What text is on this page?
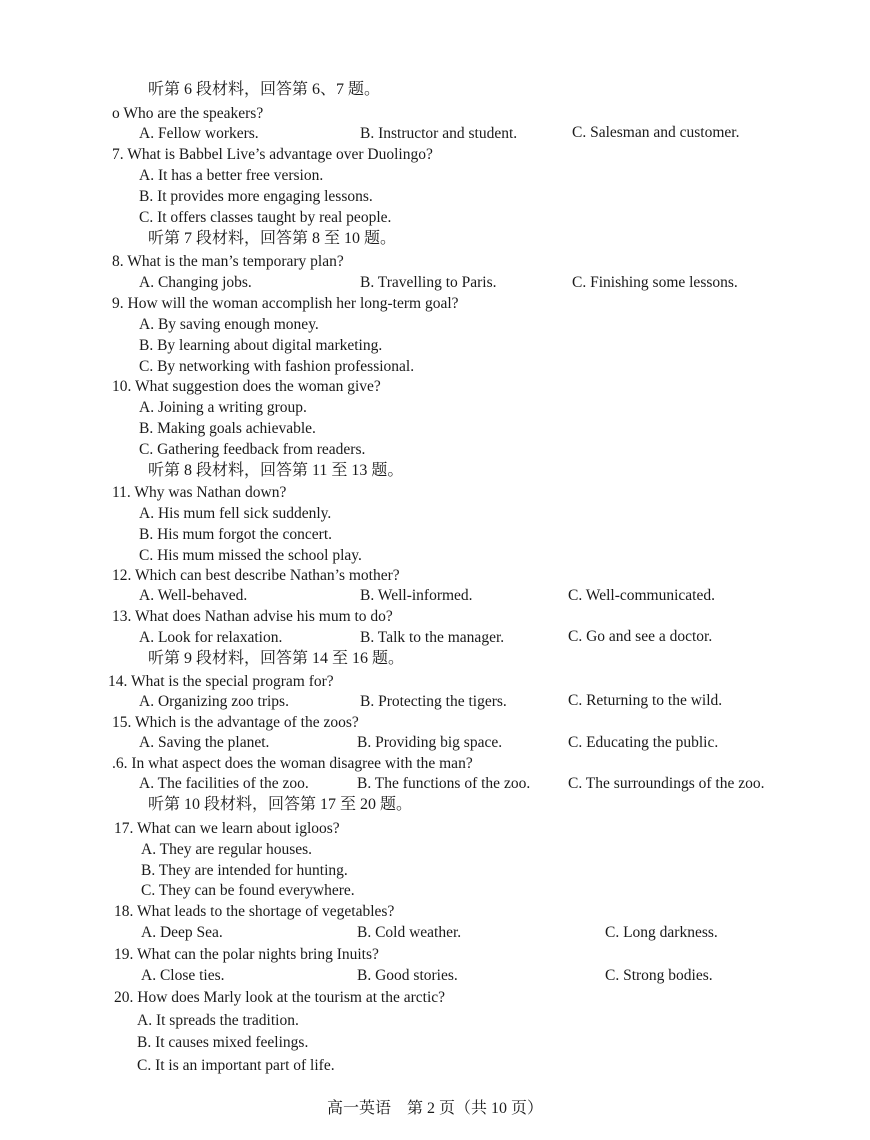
听第 6 段材料，回答第 6、7 题。
o Who are the speakers?
A. Fellow workers.	B. Instructor and student.	C. Salesman and customer.
7. What is Babbel Live’s advantage over Duolingo?
A. It has a better free version.
B. It provides more engaging lessons.
C. It offers classes taught by real people.
听第 7 段材料，回答第 8 至 10 题。
8. What is the man’s temporary plan?
A. Changing jobs.	B. Travelling to Paris.	C. Finishing some lessons.
9. How will the woman accomplish her long-term goal?
A. By saving enough money.
B. By learning about digital marketing.
C. By networking with fashion professional.
10. What suggestion does the woman give?
A. Joining a writing group.
B. Making goals achievable.
C. Gathering feedback from readers.
听第 8 段材料，回答第 11 至 13 题。
11. Why was Nathan down?
A. His mum fell sick suddenly.
B. His mum forgot the concert.
C. His mum missed the school play.
12. Which can best describe Nathan’s mother?
A. Well-behaved.	B. Well-informed.	C. Well-communicated.
13. What does Nathan advise his mum to do?
A. Look for relaxation.	B. Talk to the manager.	C. Go and see a doctor.
听第 9 段材料，回答第 14 至 16 题。
14. What is the special program for?
A. Organizing zoo trips.	B. Protecting the tigers.	C. Returning to the wild.
15. Which is the advantage of the zoos?
A. Saving the planet.	B. Providing big space.	C. Educating the public.
.6. In what aspect does the woman disagree with the man?
A. The facilities of the zoo.	B. The functions of the zoo. C. The surroundings of the zoo.
听第 10 段材料，回答第 17 至 20 题。
17. What can we learn about igloos?
A. They are regular houses.
B. They are intended for hunting.
C. They can be found everywhere.
18. What leads to the shortage of vegetables?
A. Deep Sea.	B. Cold weather.	C. Long darkness.
19. What can the polar nights bring Inuits?
A. Close ties.	B. Good stories.	C. Strong bodies.
20. How does Marly look at the tourism at the arctic?
A. It spreads the tradition.
B. It causes mixed feelings.
C. It is an important part of life.
高一英语　第 2 页（共 10 页）
